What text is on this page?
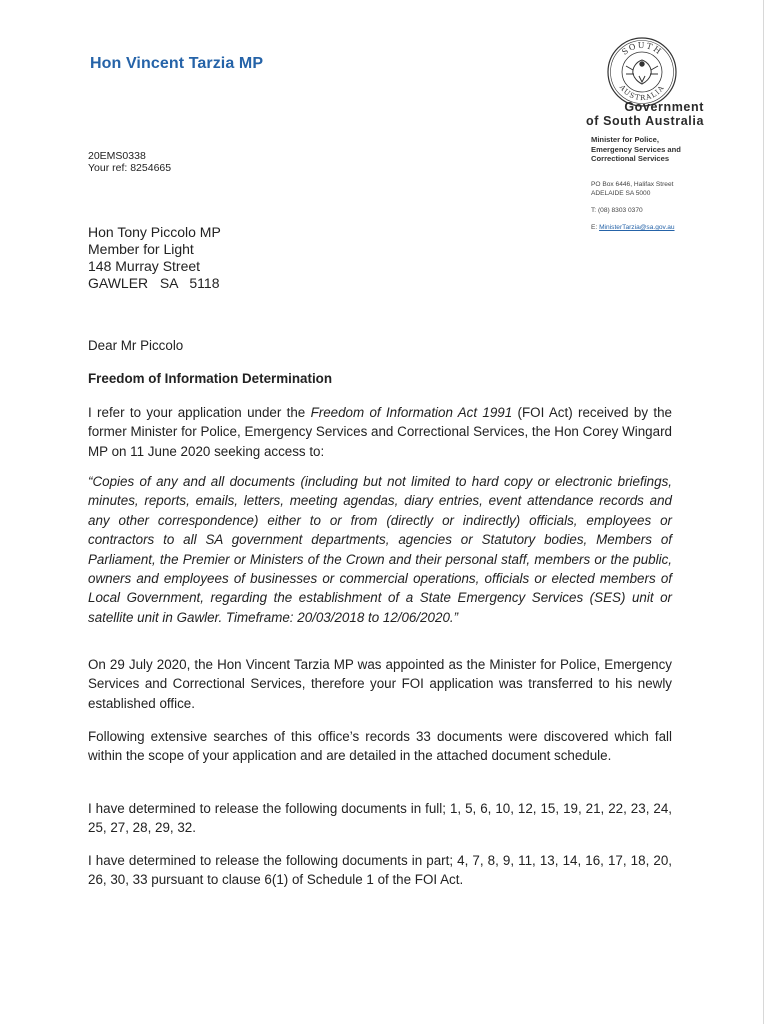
Hon Vincent Tarzia MP
SOUTH
AUSTRALIA
Government
of South Australia
Minister for Police,
Emergency Services and
Correctional Services
PO Box 6446, Halifax Street
ADELAIDE SA 5000
T: (08) 8303 0370
E: MinisterTarzia@sa.gov.au
20EMS0338
Your ref: 8254665
Hon Tony Piccolo MP
Member for Light
148 Murray Street
GAWLER   SA   5118

Dear Mr Piccolo

Freedom of Information Determination

I refer to your application under the Freedom of Information Act 1991 (FOI Act) received by the former Minister for Police, Emergency Services and Correctional Services, the Hon Corey Wingard MP on 11 June 2020 seeking access to:

“Copies of any and all documents (including but not limited to hard copy or electronic briefings, minutes, reports, emails, letters, meeting agendas, diary entries, event attendance records and any other correspondence) either to or from (directly or indirectly) officials, employees or contractors to all SA government departments, agencies or Statutory bodies, Members of Parliament, the Premier or Ministers of the Crown and their personal staff, members or the public, owners and employees of businesses or commercial operations, officials or elected members of Local Government, regarding the establishment of a State Emergency Services (SES) unit or satellite unit in Gawler. Timeframe: 20/03/2018 to 12/06/2020.”

On 29 July 2020, the Hon Vincent Tarzia MP was appointed as the Minister for Police, Emergency Services and Correctional Services, therefore your FOI application was transferred to his newly established office.

Following extensive searches of this office’s records 33 documents were discovered which fall within the scope of your application and are detailed in the attached document schedule.

I have determined to release the following documents in full; 1, 5, 6, 10, 12, 15, 19, 21, 22, 23, 24, 25, 27, 28, 29, 32.

I have determined to release the following documents in part; 4, 7, 8, 9, 11, 13, 14, 16, 17, 18, 20, 26, 30, 33 pursuant to clause 6(1) of Schedule 1 of the FOI Act.
